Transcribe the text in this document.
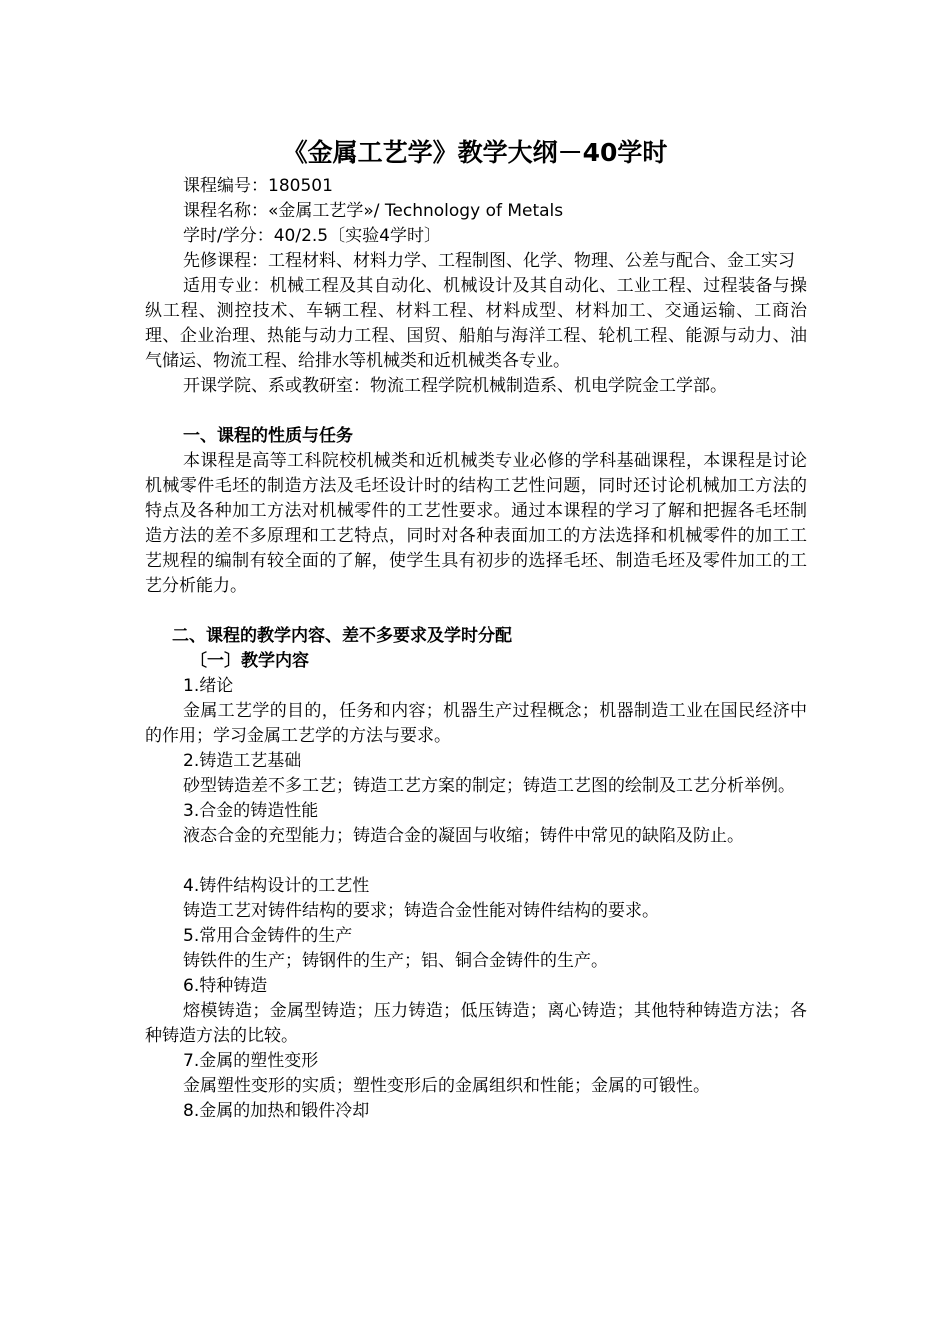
《金属工艺学》教学大纲－40学时

课程编号：180501

课程名称：«金属工艺学»/ Technology of Metals

学时/学分：40/2.5〔实验4学时〕

先修课程：工程材料、材料力学、工程制图、化学、物理、公差与配合、金工实习

适用专业：机械工程及其自动化、机械设计及其自动化、工业工程、过程装备与操纵工程、测控技术、车辆工程、材料工程、材料成型、材料加工、交通运输、工商治理、企业治理、热能与动力工程、国贸、船舶与海洋工程、轮机工程、能源与动力、油气储运、物流工程、给排水等机械类和近机械类各专业。

开课学院、系或教研室：物流工程学院机械制造系、机电学院金工学部。

一、课程的性质与任务

本课程是高等工科院校机械类和近机械类专业必修的学科基础课程，本课程是讨论机械零件毛坯的制造方法及毛坯设计时的结构工艺性问题，同时还讨论机械加工方法的特点及各种加工方法对机械零件的工艺性要求。通过本课程的学习了解和把握各毛坯制造方法的差不多原理和工艺特点，同时对各种表面加工的方法选择和机械零件的加工工艺规程的编制有较全面的了解，使学生具有初步的选择毛坯、制造毛坯及零件加工的工艺分析能力。

二、课程的教学内容、差不多要求及学时分配

〔一〕教学内容

1.绪论

金属工艺学的目的，任务和内容；机器生产过程概念；机器制造工业在国民经济中的作用；学习金属工艺学的方法与要求。

2.铸造工艺基础

砂型铸造差不多工艺；铸造工艺方案的制定；铸造工艺图的绘制及工艺分析举例。

3.合金的铸造性能

液态合金的充型能力；铸造合金的凝固与收缩；铸件中常见的缺陷及防止。

4.铸件结构设计的工艺性

铸造工艺对铸件结构的要求；铸造合金性能对铸件结构的要求。

5.常用合金铸件的生产

铸铁件的生产；铸钢件的生产；铝、铜合金铸件的生产。

6.特种铸造

熔模铸造；金属型铸造；压力铸造；低压铸造；离心铸造；其他特种铸造方法；各种铸造方法的比较。

7.金属的塑性变形

金属塑性变形的实质；塑性变形后的金属组织和性能；金属的可锻性。

8.金属的加热和锻件冷却
